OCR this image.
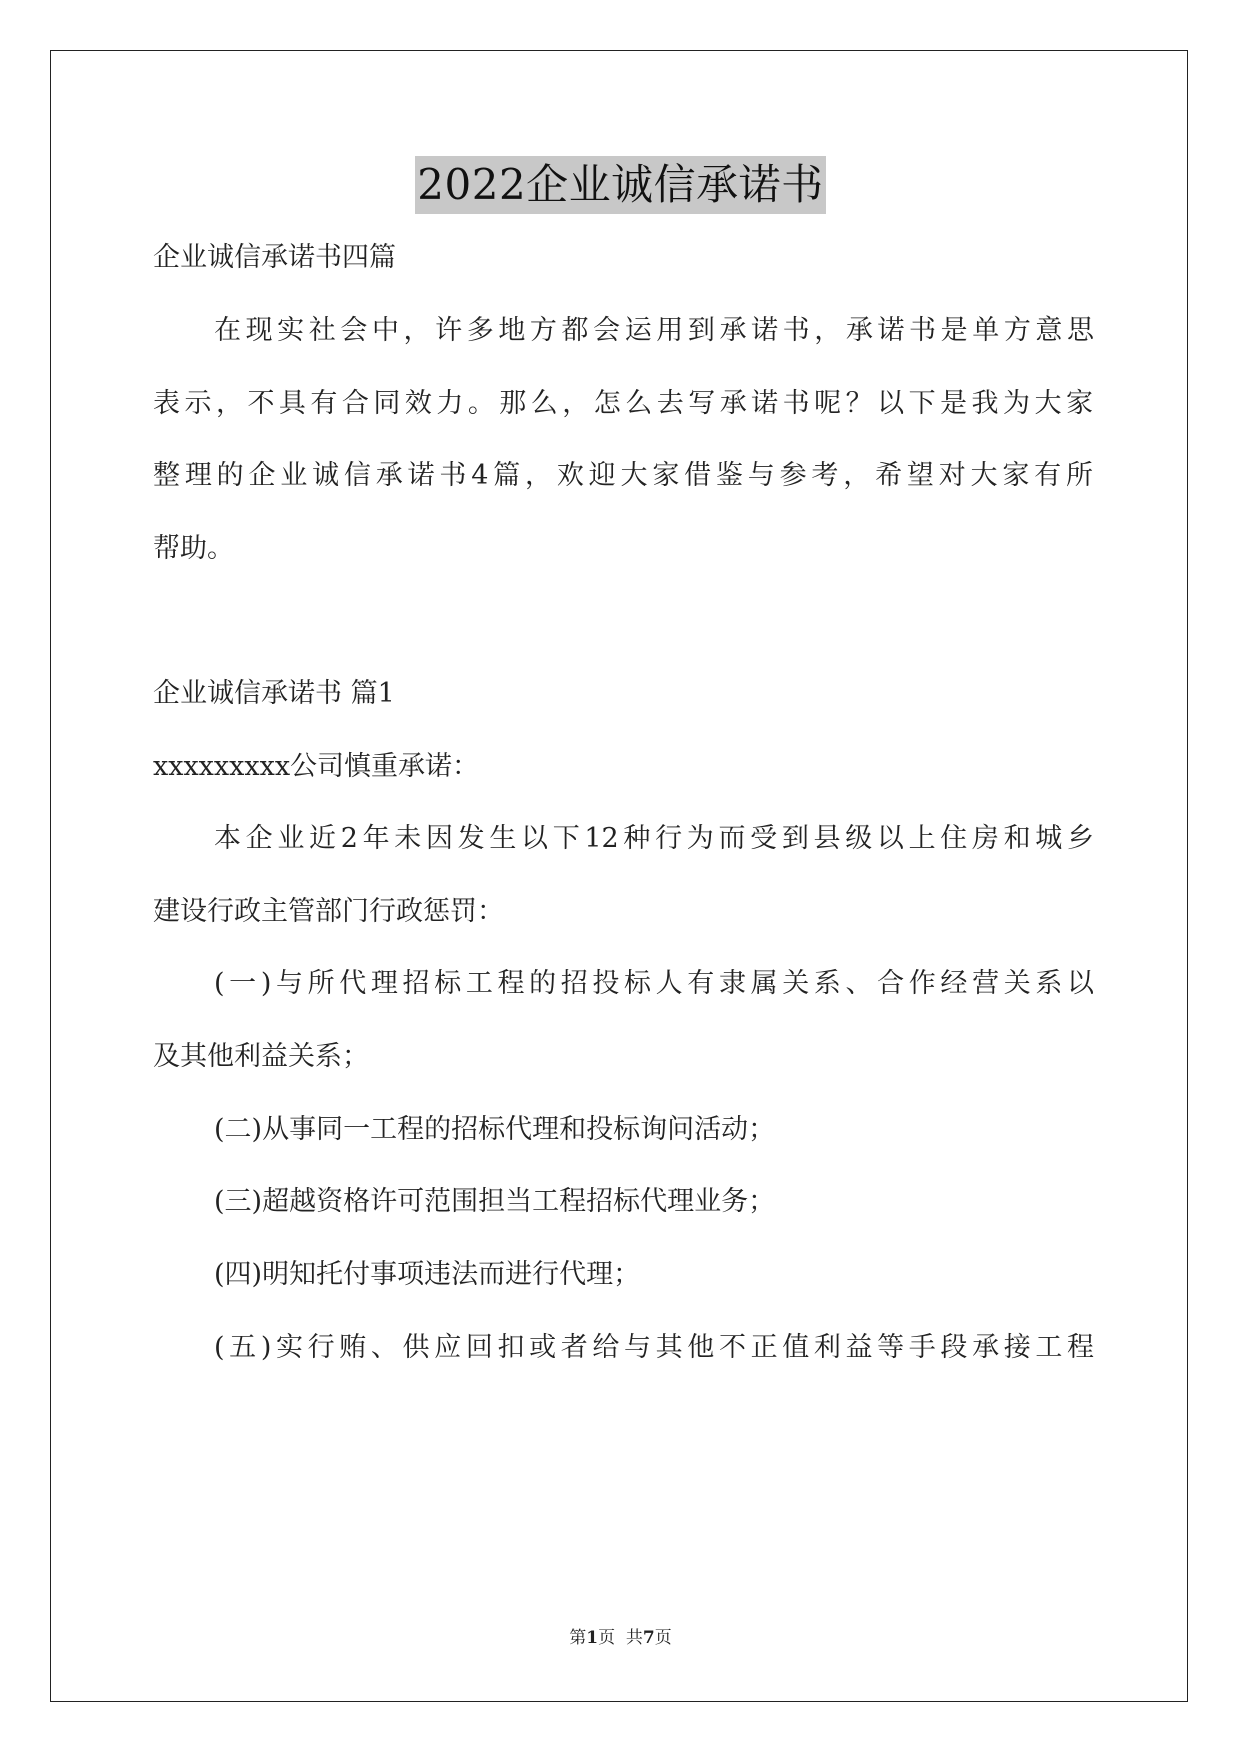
2022企业诚信承诺书
企业诚信承诺书四篇
在现实社会中，许多地方都会运用到承诺书，承诺书是单方意思
表示，不具有合同效力。那么，怎么去写承诺书呢？以下是我为大家
整理的企业诚信承诺书4篇，欢迎大家借鉴与参考，希望对大家有所
帮助。
企业诚信承诺书 篇1
xxxxxxxxx公司慎重承诺：
本企业近2年未因发生以下12种行为而受到县级以上住房和城乡
建设行政主管部门行政惩罚：
(一)与所代理招标工程的招投标人有隶属关系、合作经营关系以
及其他利益关系；
(二)从事同一工程的招标代理和投标询问活动；
(三)超越资格许可范围担当工程招标代理业务；
(四)明知托付事项违法而进行代理；
(五)实行贿、供应回扣或者给与其他不正值利益等手段承接工程
第1页  共7页
